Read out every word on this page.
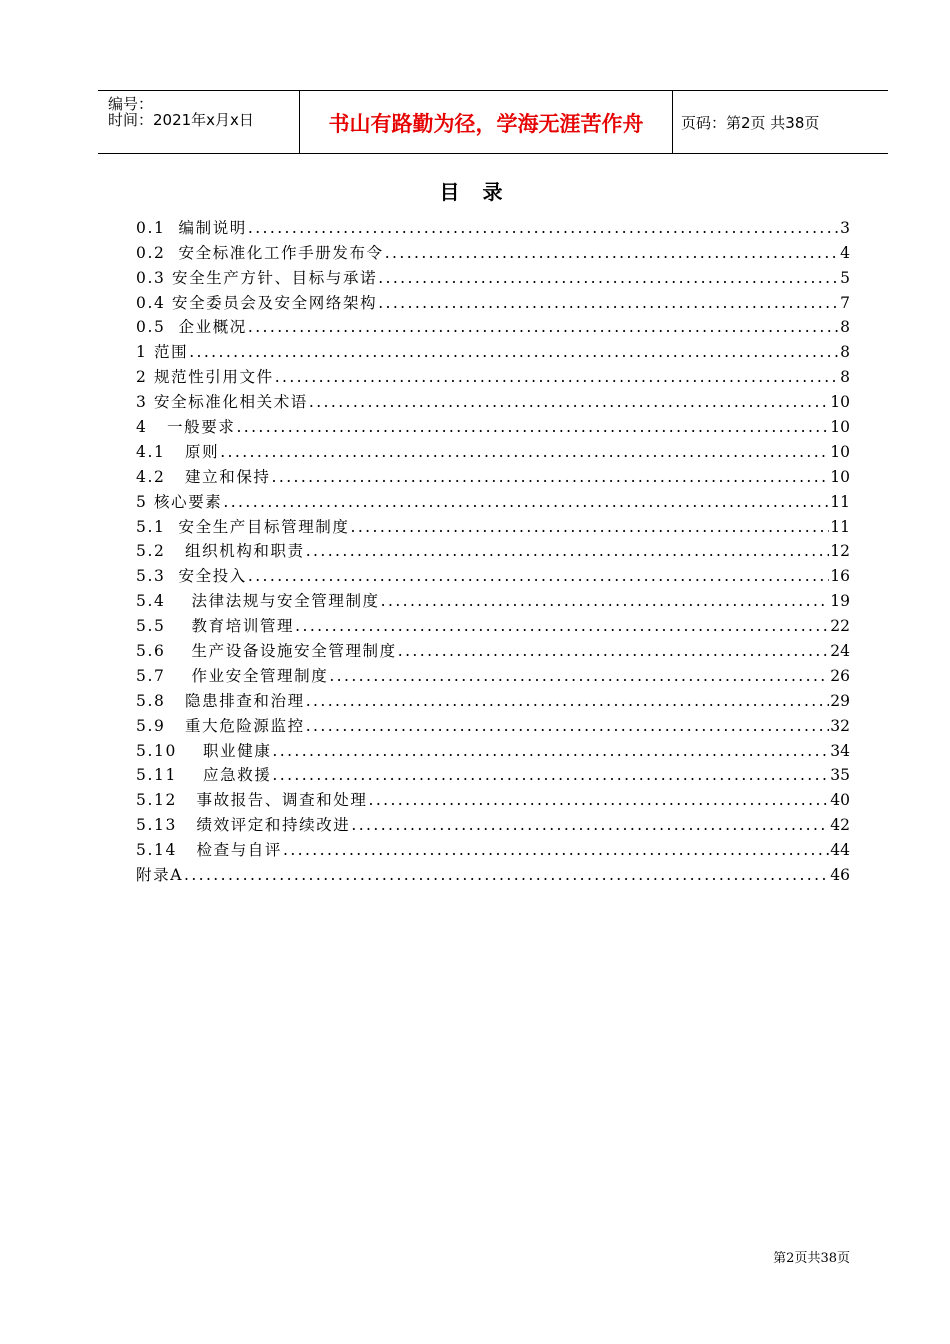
编号：
时间：2021年x月x日	书山有路勤为径，学海无涯苦作舟	页码：第2页 共38页
目 录
0.1  编制说明 .....	3
0.2  安全标准化工作手册发布令 .....	4
0.3 安全生产方针、目标与承诺 .....	5
0.4 安全委员会及安全网络架构 .....	7
0.5  企业概况 .....	8
1 范围 .....	8
2 规范性引用文件 .....	8
3 安全标准化相关术语 .....	10
4   一般要求 .....	10
4.1   原则 .....	10
4.2   建立和保持 .....	10
5 核心要素 .....	11
5.1  安全生产目标管理制度 .....	11
5.2   组织机构和职责 .....	12
5.3  安全投入 .....	16
5.4    法律法规与安全管理制度 .....	19
5.5    教育培训管理 .....	22
5.6    生产设备设施安全管理制度 .....	24
5.7    作业安全管理制度 .....	26
5.8   隐患排查和治理 .....	29
5.9   重大危险源监控 .....	32
5.10    职业健康 .....	34
5.11    应急救援 .....	35
5.12   事故报告、调查和处理 .....	40
5.13   绩效评定和持续改进 .....	42
5.14   检查与自评 .....	44
附录A .....	46
第2页共38页
